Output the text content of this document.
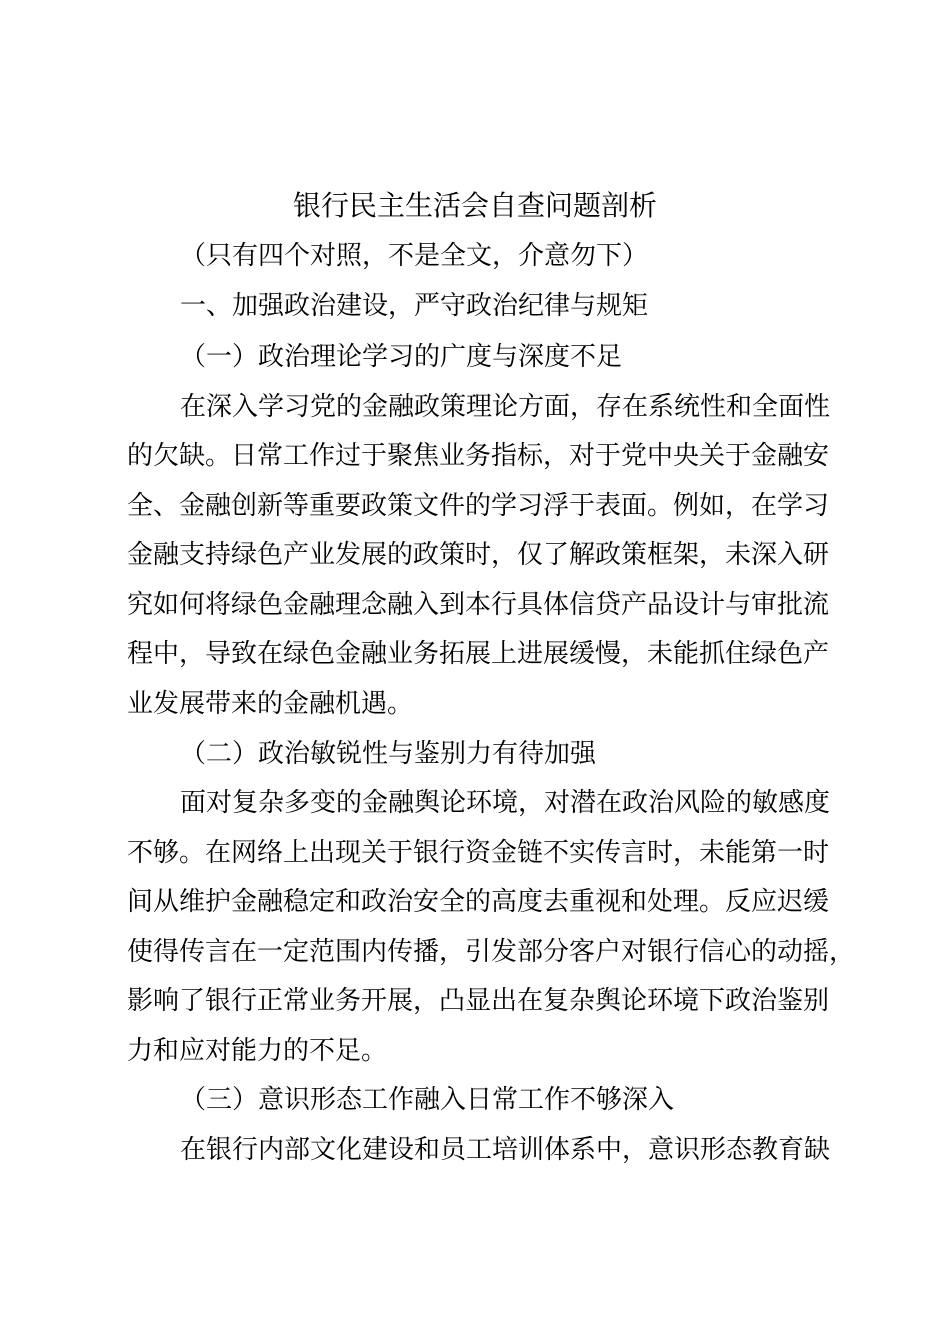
银行民主生活会自查问题剖析

（只有四个对照，不是全文，介意勿下）

一、加强政治建设，严守政治纪律与规矩

（一）政治理论学习的广度与深度不足

在深入学习党的金融政策理论方面，存在系统性和全面性

的欠缺。日常工作过于聚焦业务指标，对于党中央关于金融安

全、金融创新等重要政策文件的学习浮于表面。例如，在学习

金融支持绿色产业发展的政策时，仅了解政策框架，未深入研

究如何将绿色金融理念融入到本行具体信贷产品设计与审批流

程中，导致在绿色金融业务拓展上进展缓慢，未能抓住绿色产

业发展带来的金融机遇。

（二）政治敏锐性与鉴别力有待加强

面对复杂多变的金融舆论环境，对潜在政治风险的敏感度

不够。在网络上出现关于银行资金链不实传言时，未能第一时

间从维护金融稳定和政治安全的高度去重视和处理。反应迟缓

使得传言在一定范围内传播，引发部分客户对银行信心的动摇，

影响了银行正常业务开展，凸显出在复杂舆论环境下政治鉴别

力和应对能力的不足。

（三）意识形态工作融入日常工作不够深入

在银行内部文化建设和员工培训体系中，意识形态教育缺
